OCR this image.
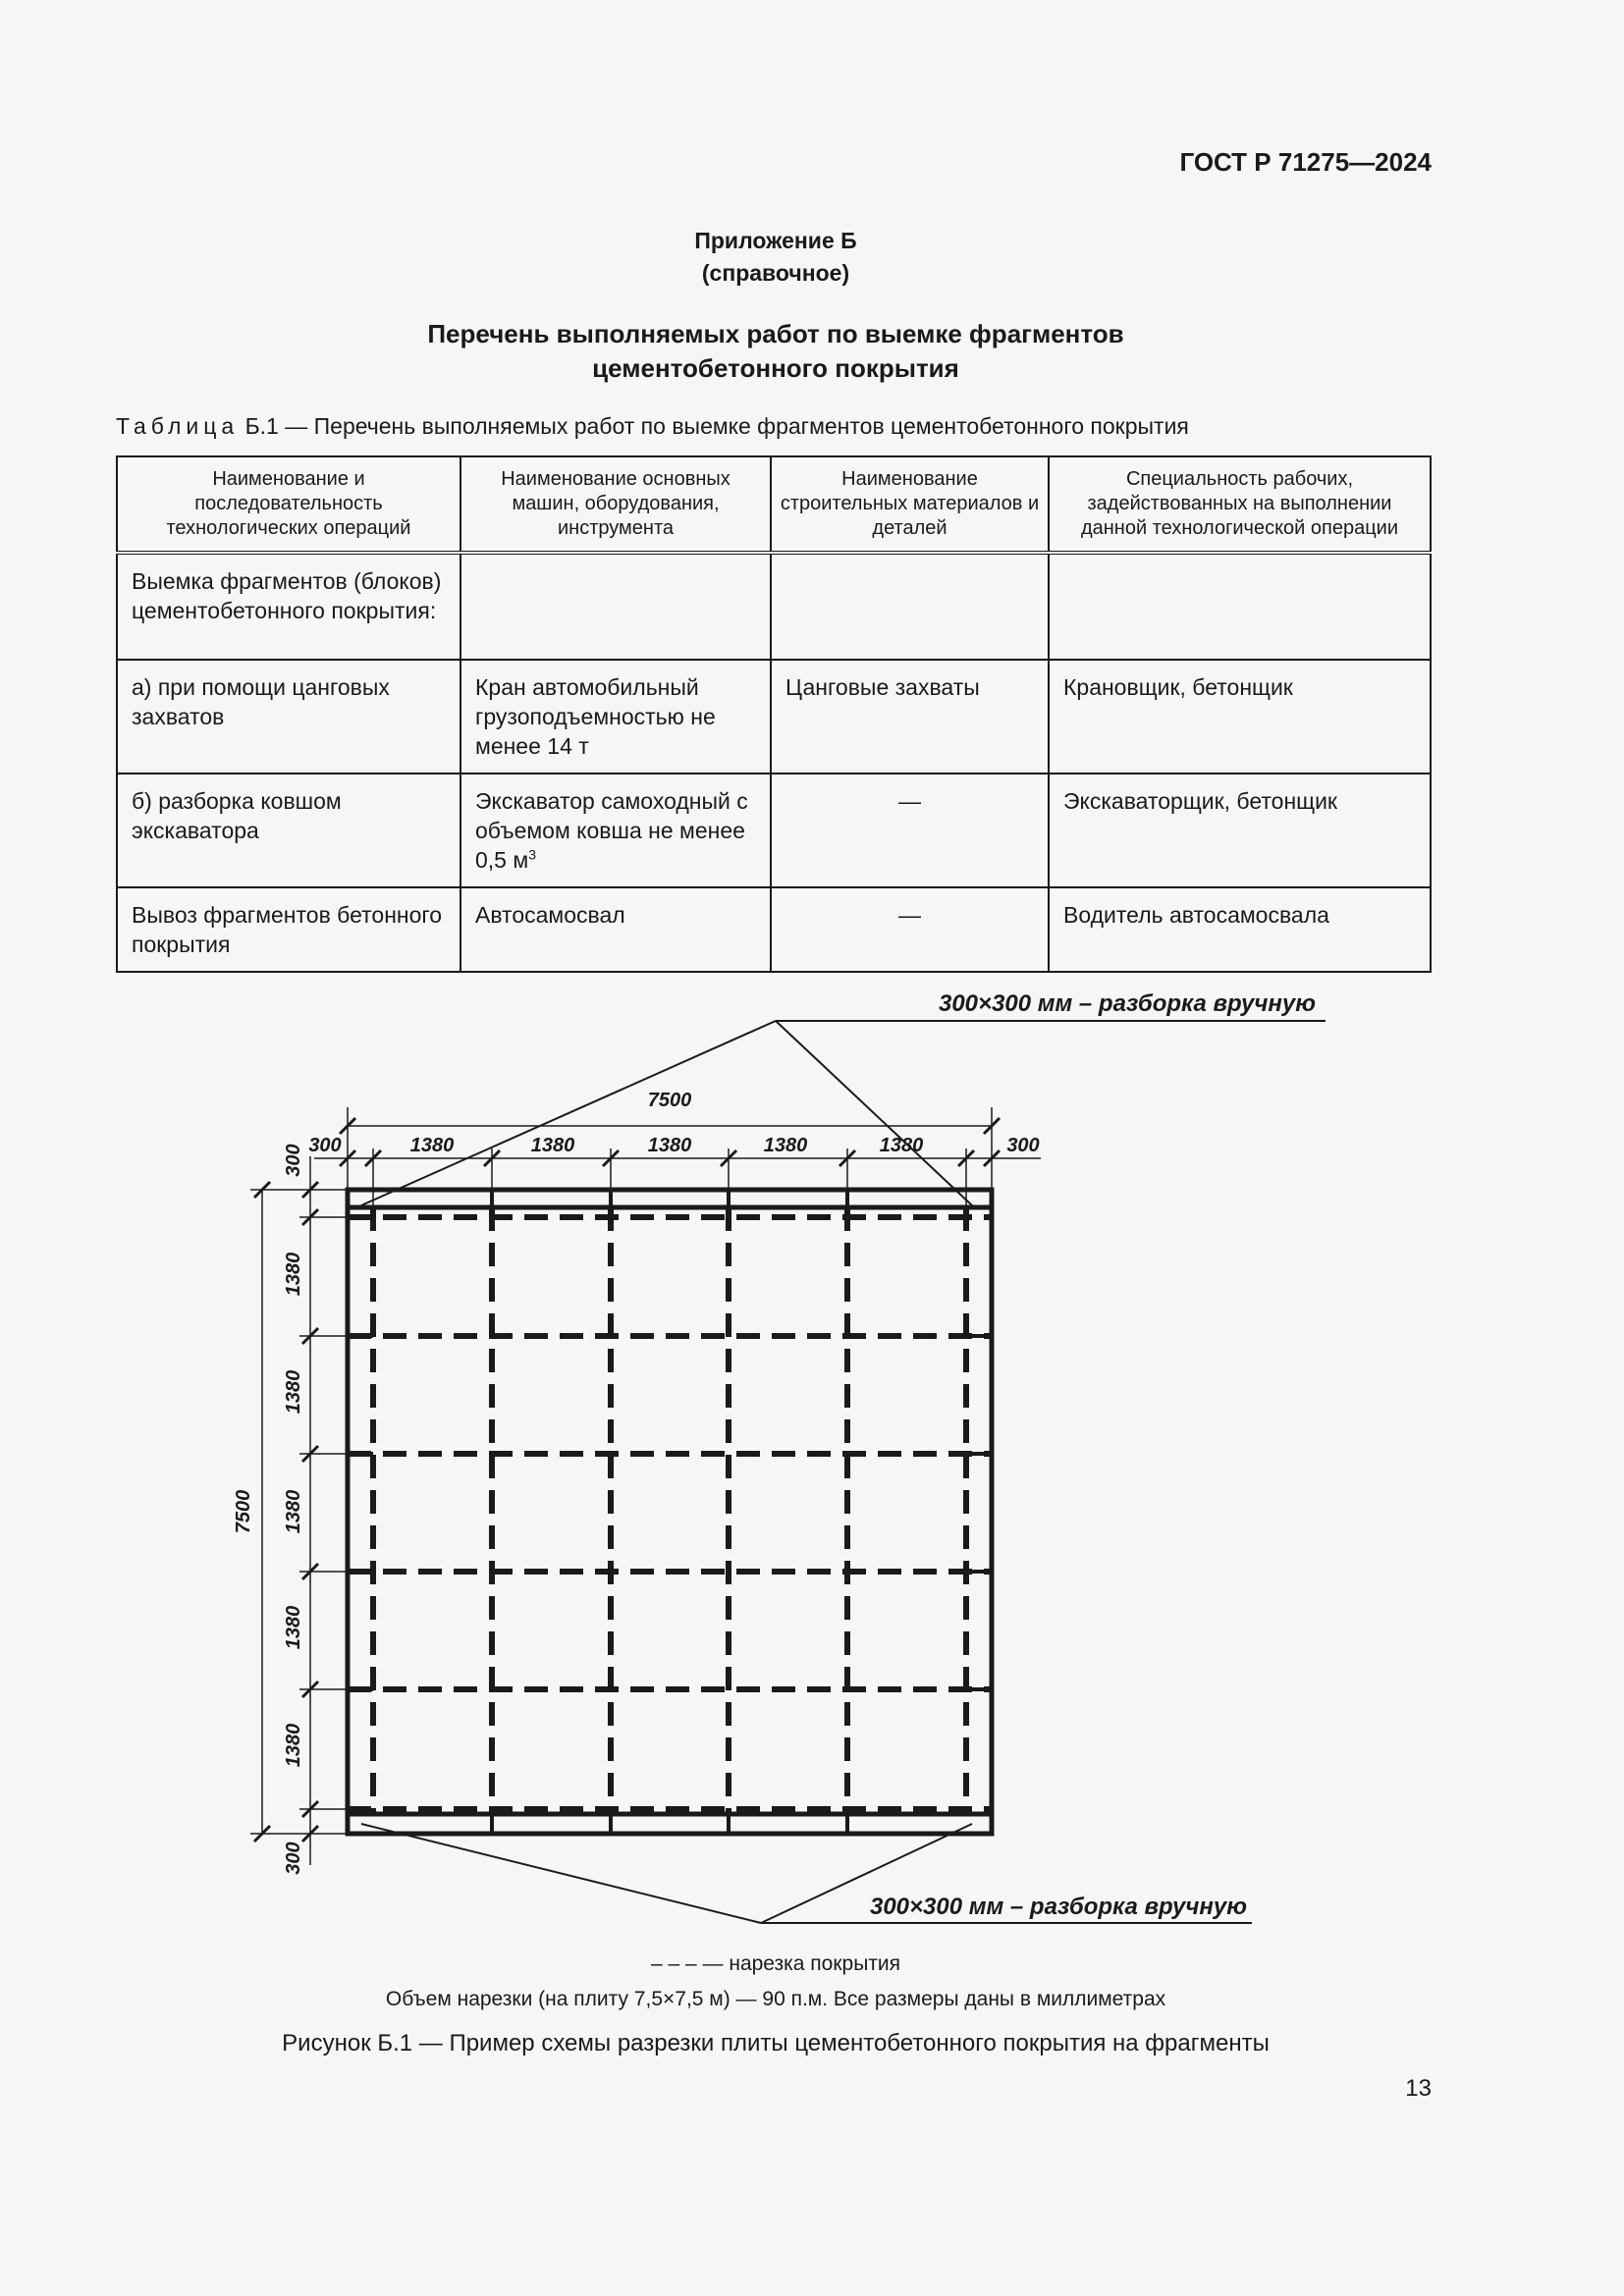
ГОСТ Р 71275—2024
Приложение Б
(справочное)
Перечень выполняемых работ по выемке фрагментов
цементобетонного покрытия
Таблица Б.1 — Перечень выполняемых работ по выемке фрагментов цементобетонного покрытия
Наименование и последовательность технологических операций	Наименование основных машин, оборудования, инструмента	Наименование строительных материалов и деталей	Специальность рабочих, задействованных на выполнении данной технологической операции
Выемка фрагментов (блоков) цементобетонного покрытия:			
а) при помощи цанговых захватов	Кран автомобильный грузоподъемностью не менее 14 т	Цанговые захваты	Крановщик, бетонщик
б) разборка ковшом экскаватора	Экскаватор самоходный с объемом ковша не менее 0,5 $м^3$	—	Экскаваторщик, бетонщик
Вывоз фрагментов бетонного покрытия	Автосамосвал	—	Водитель автосамосвала
300×300 мм – разборка вручную
300×300 мм – разборка вручную
7500
300	1380	1380	1380	1380	1380	300
7500
300
1380
1380
1380
1380
1380
300
– – – — нарезка покрытия
Объем нарезки (на плиту 7,5×7,5 м) — 90 п.м. Все размеры даны в миллиметрах
Рисунок Б.1 — Пример схемы разрезки плиты цементобетонного покрытия на фрагменты
13
